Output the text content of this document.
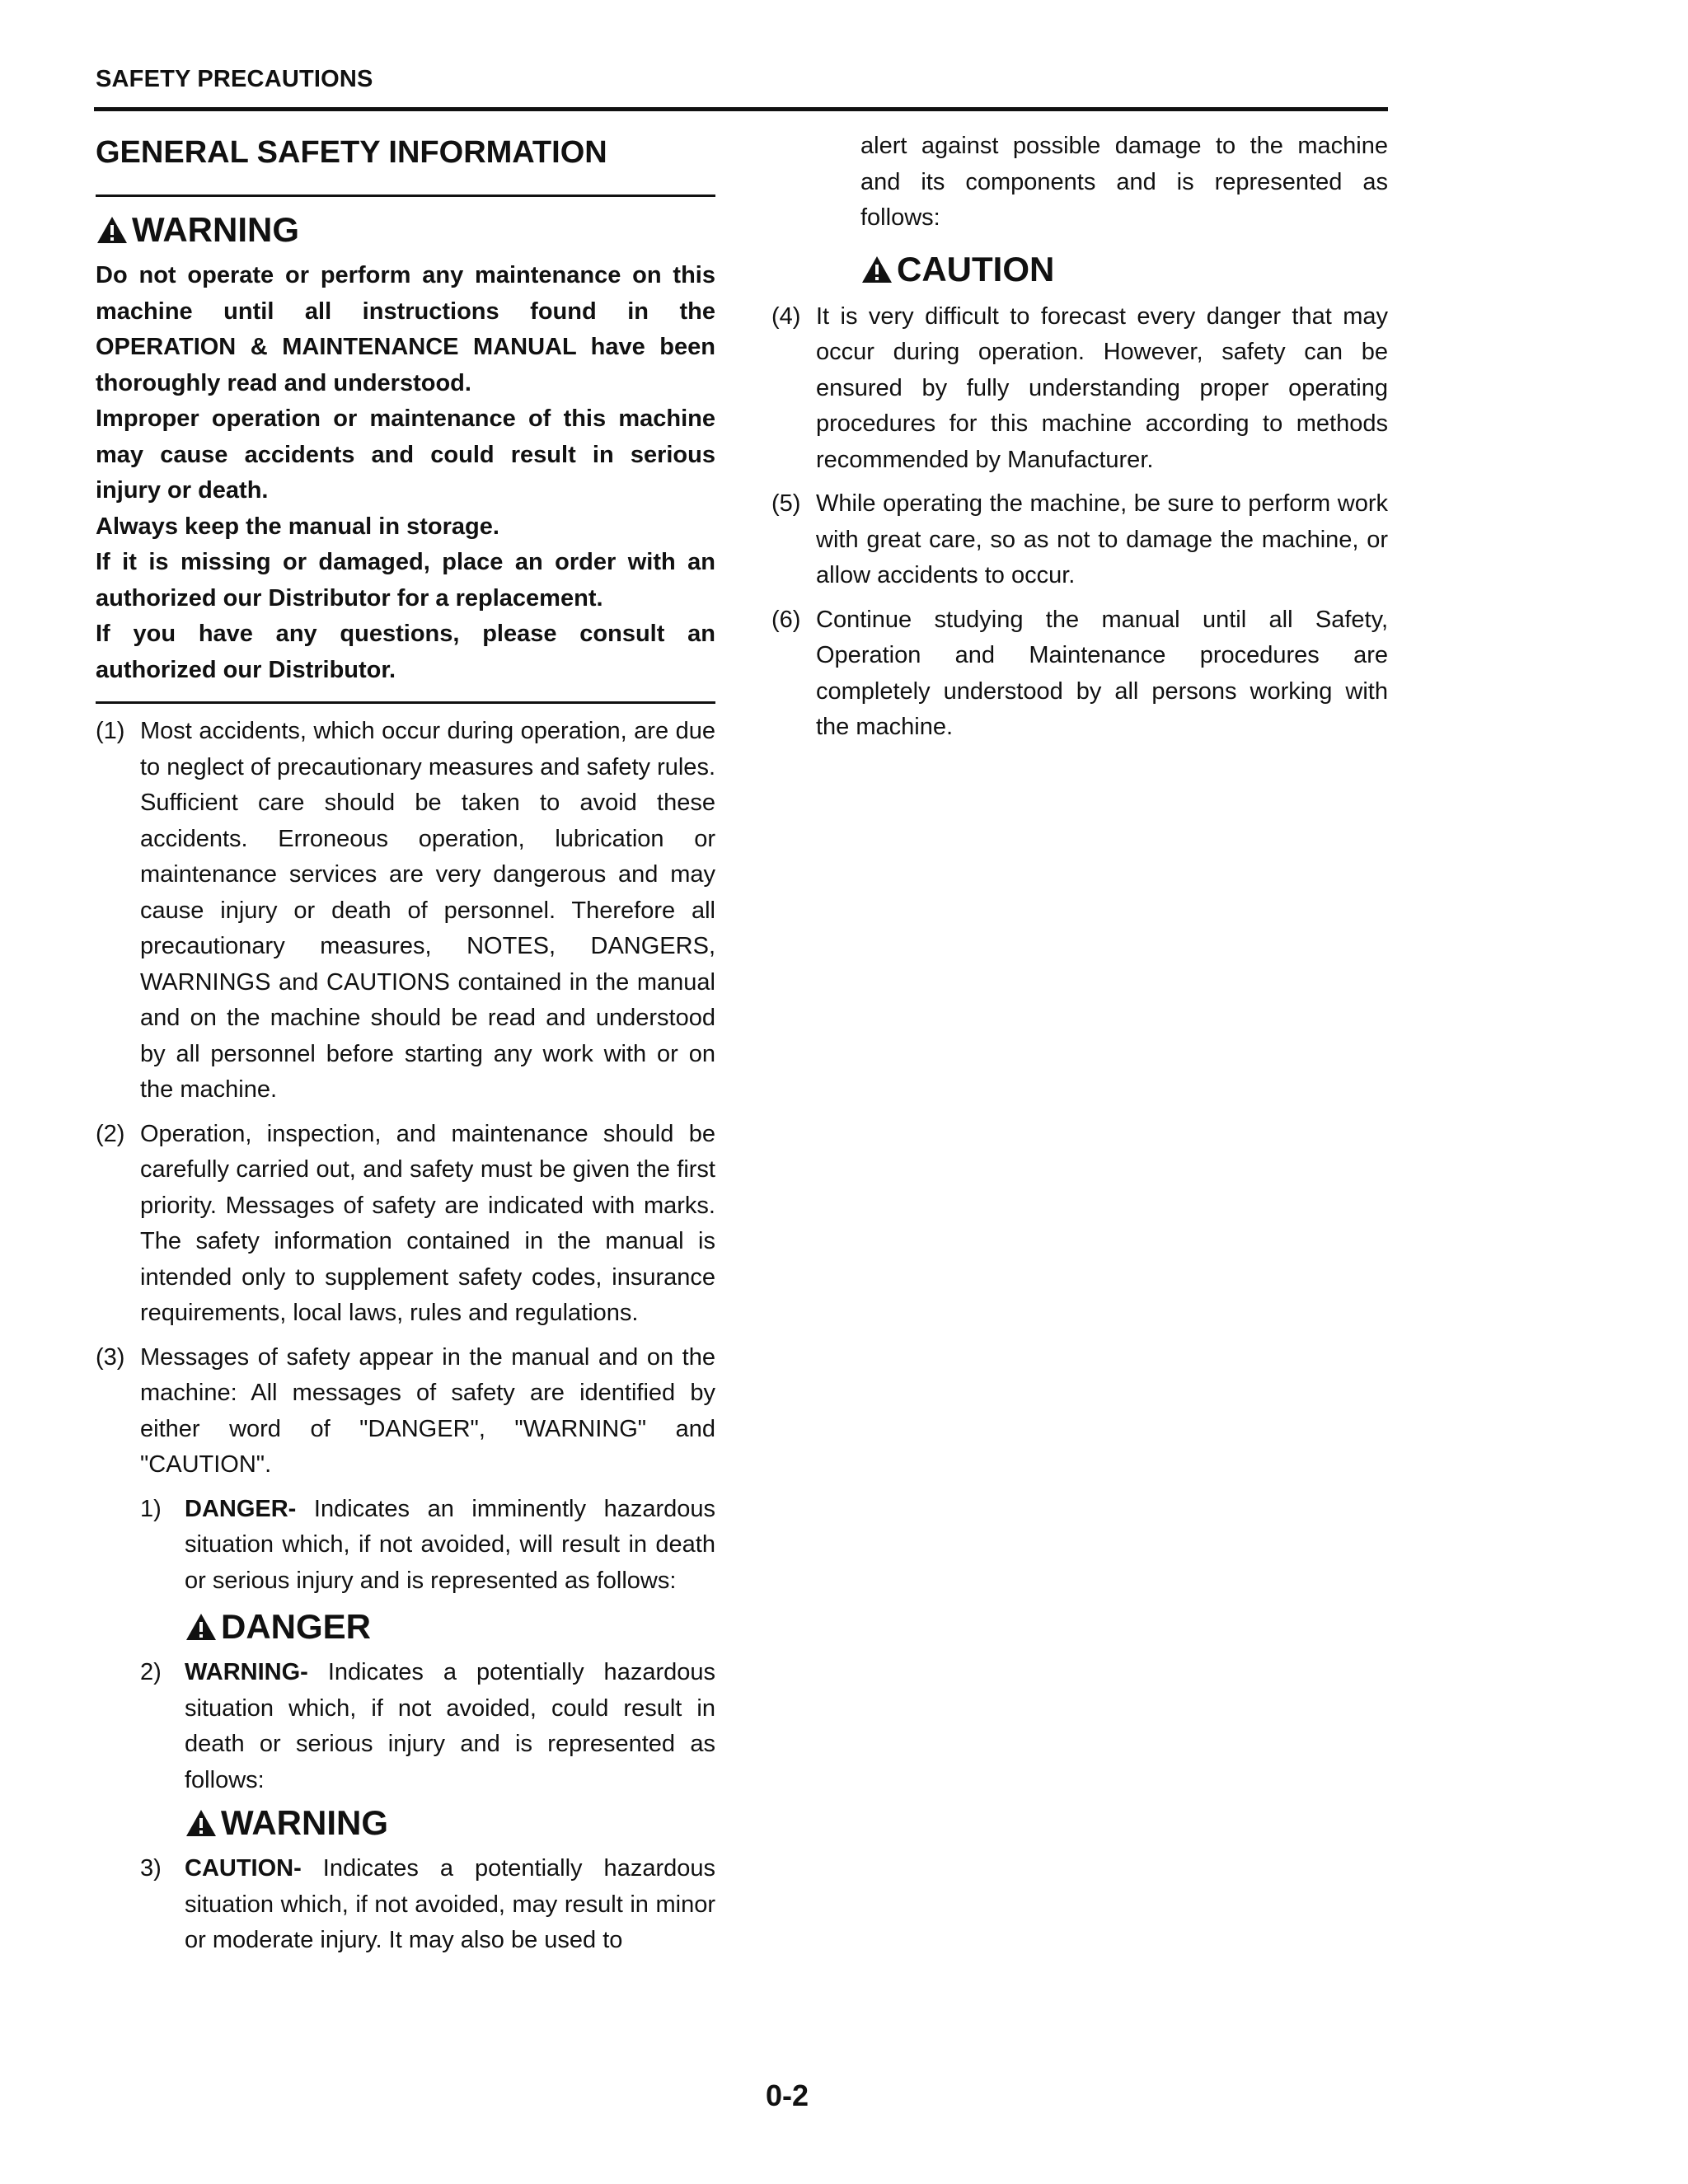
SAFETY PRECAUTIONS
GENERAL SAFETY INFORMATION
WARNING

Do not operate or perform any maintenance on this machine until all instructions found in the OPERATION & MAINTENANCE MANUAL have been thoroughly read and understood.

Improper operation or maintenance of this machine may cause accidents and could result in serious injury or death.

Always keep the manual in storage.

If it is missing or damaged, place an order with an authorized our Distributor for a replacement.

If you have any questions, please consult an authorized our Distributor.

(1) Most accidents, which occur during operation, are due to neglect of precautionary measures and safety rules. Sufficient care should be taken to avoid these accidents. Erroneous operation, lubrication or maintenance services are very dangerous and may cause injury or death of personnel. Therefore all precautionary measures, NOTES, DANGERS, WARNINGS and CAUTIONS contained in the manual and on the machine should be read and understood by all personnel before starting any work with or on the machine.
(2) Operation, inspection, and maintenance should be carefully carried out, and safety must be given the first priority. Messages of safety are indicated with marks. The safety information contained in the manual is intended only to supplement safety codes, insurance requirements, local laws, rules and regulations.
(3) Messages of safety appear in the manual and on the machine: All messages of safety are identified by either word of "DANGER", "WARNING" and "CAUTION".
1) DANGER- Indicates an imminently hazardous situation which, if not avoided, will result in death or serious injury and is represented as follows:
DANGER
2) WARNING- Indicates a potentially hazardous situation which, if not avoided, could result in death or serious injury and is represented as follows:
WARNING
3) CAUTION- Indicates a potentially hazardous situation which, if not avoided, may result in minor or moderate injury. It may also be used to
alert against possible damage to the machine and its components and is represented as follows:
CAUTION
(4) It is very difficult to forecast every danger that may occur during operation. However, safety can be ensured by fully understanding proper operating procedures for this machine according to methods recommended by Manufacturer.
(5) While operating the machine, be sure to perform work with great care, so as not to damage the machine, or allow accidents to occur.
(6) Continue studying the manual until all Safety, Operation and Maintenance procedures are completely understood by all persons working with the machine.
0-2
